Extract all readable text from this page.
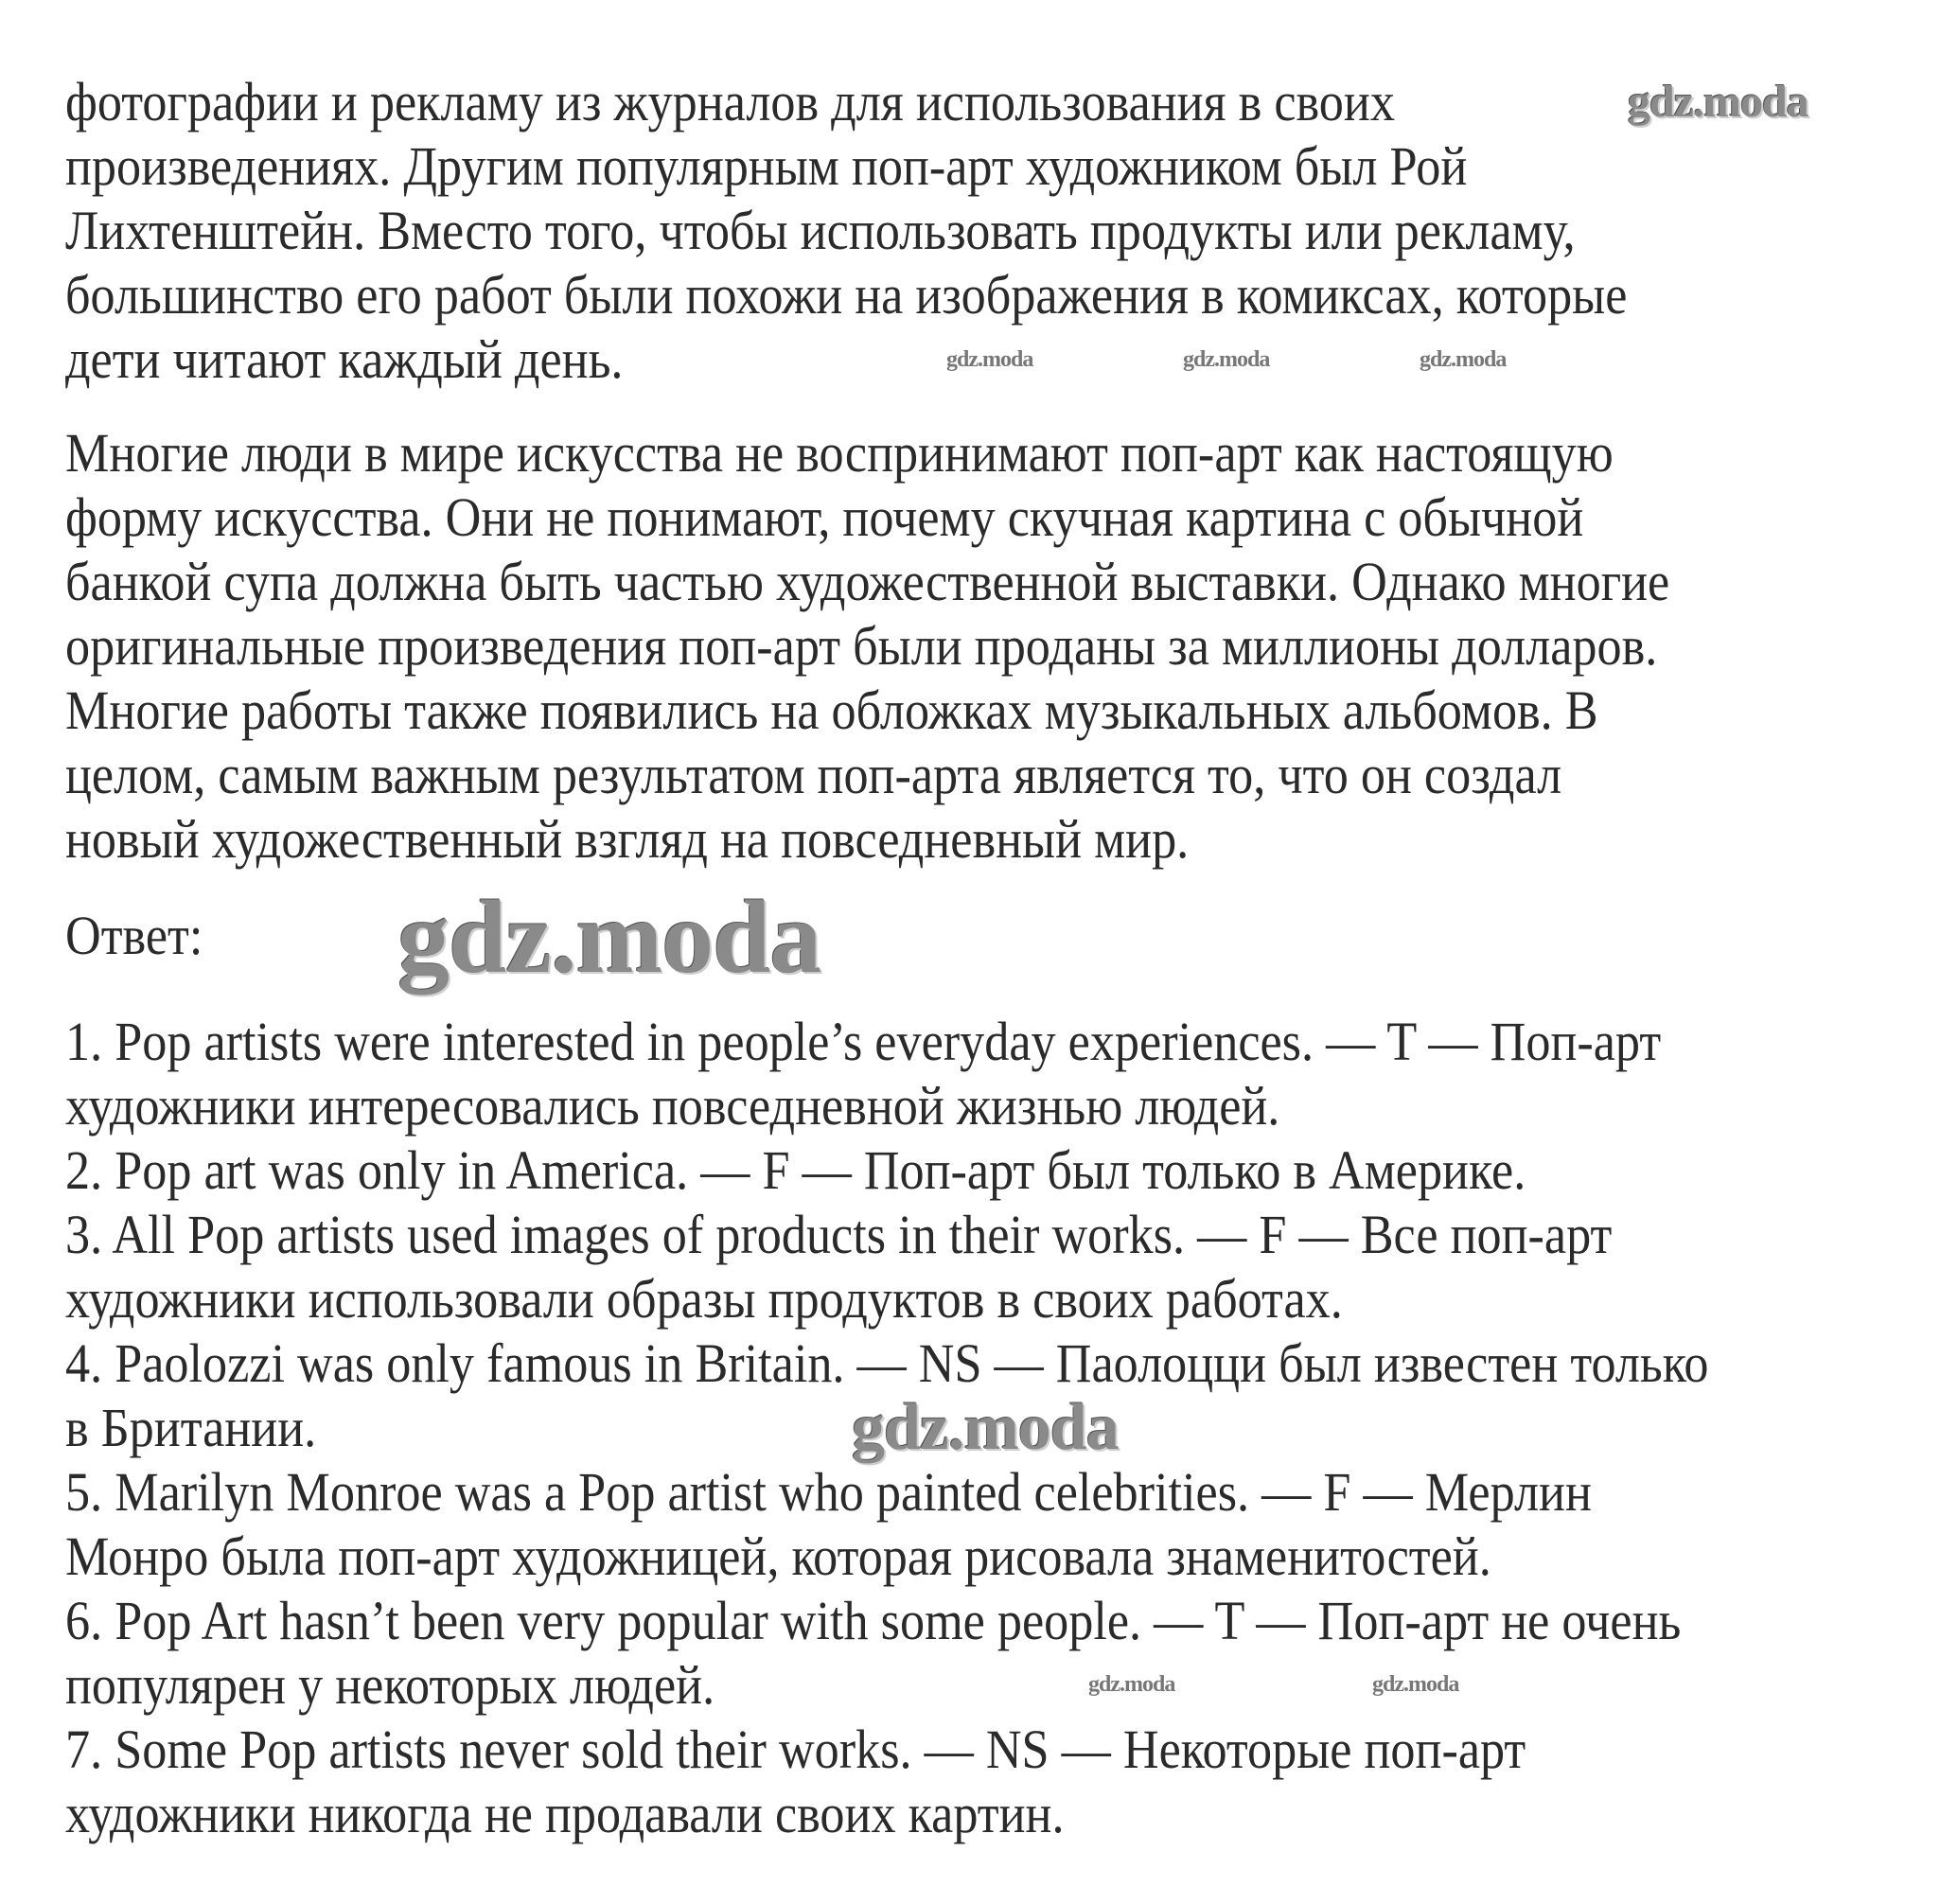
фотографии и рекламу из журналов для использования в своих
произведениях. Другим популярным поп-арт художником был Рой
Лихтенштейн. Вместо того, чтобы использовать продукты или рекламу,
большинство его работ были похожи на изображения в комиксах, которые
дети читают каждый день.
Многие люди в мире искусства не воспринимают поп-арт как настоящую
форму искусства. Они не понимают, почему скучная картина с обычной
банкой супа должна быть частью художественной выставки. Однако многие
оригинальные произведения поп-арт были проданы за миллионы долларов.
Многие работы также появились на обложках музыкальных альбомов. В
целом, самым важным результатом поп-арта является то, что он создал
новый художественный взгляд на повседневный мир.
Ответ:
1. Pop artists were interested in people’s everyday experiences. — T — Поп-арт
художники интересовались повседневной жизнью людей.
2. Pop art was only in America. — F — Поп-арт был только в Америке.
3. All Pop artists used images of products in their works. — F — Все поп-арт
художники использовали образы продуктов в своих работах.
4. Paolozzi was only famous in Britain. — NS — Паолоцци был известен только
в Британии.
5. Marilyn Monroe was a Pop artist who painted celebrities. — F — Мерлин
Монро была поп-арт художницей, которая рисовала знаменитостей.
6. Pop Art hasn’t been very popular with some people. — T — Поп-арт не очень
популярен у некоторых людей.
7. Some Pop artists never sold their works. — NS — Некоторые поп-арт
художники никогда не продавали своих картин.
gdz.moda
gdz.moda
gdz.moda
gdz.moda	gdz.moda	gdz.moda
gdz.moda	gdz.moda
